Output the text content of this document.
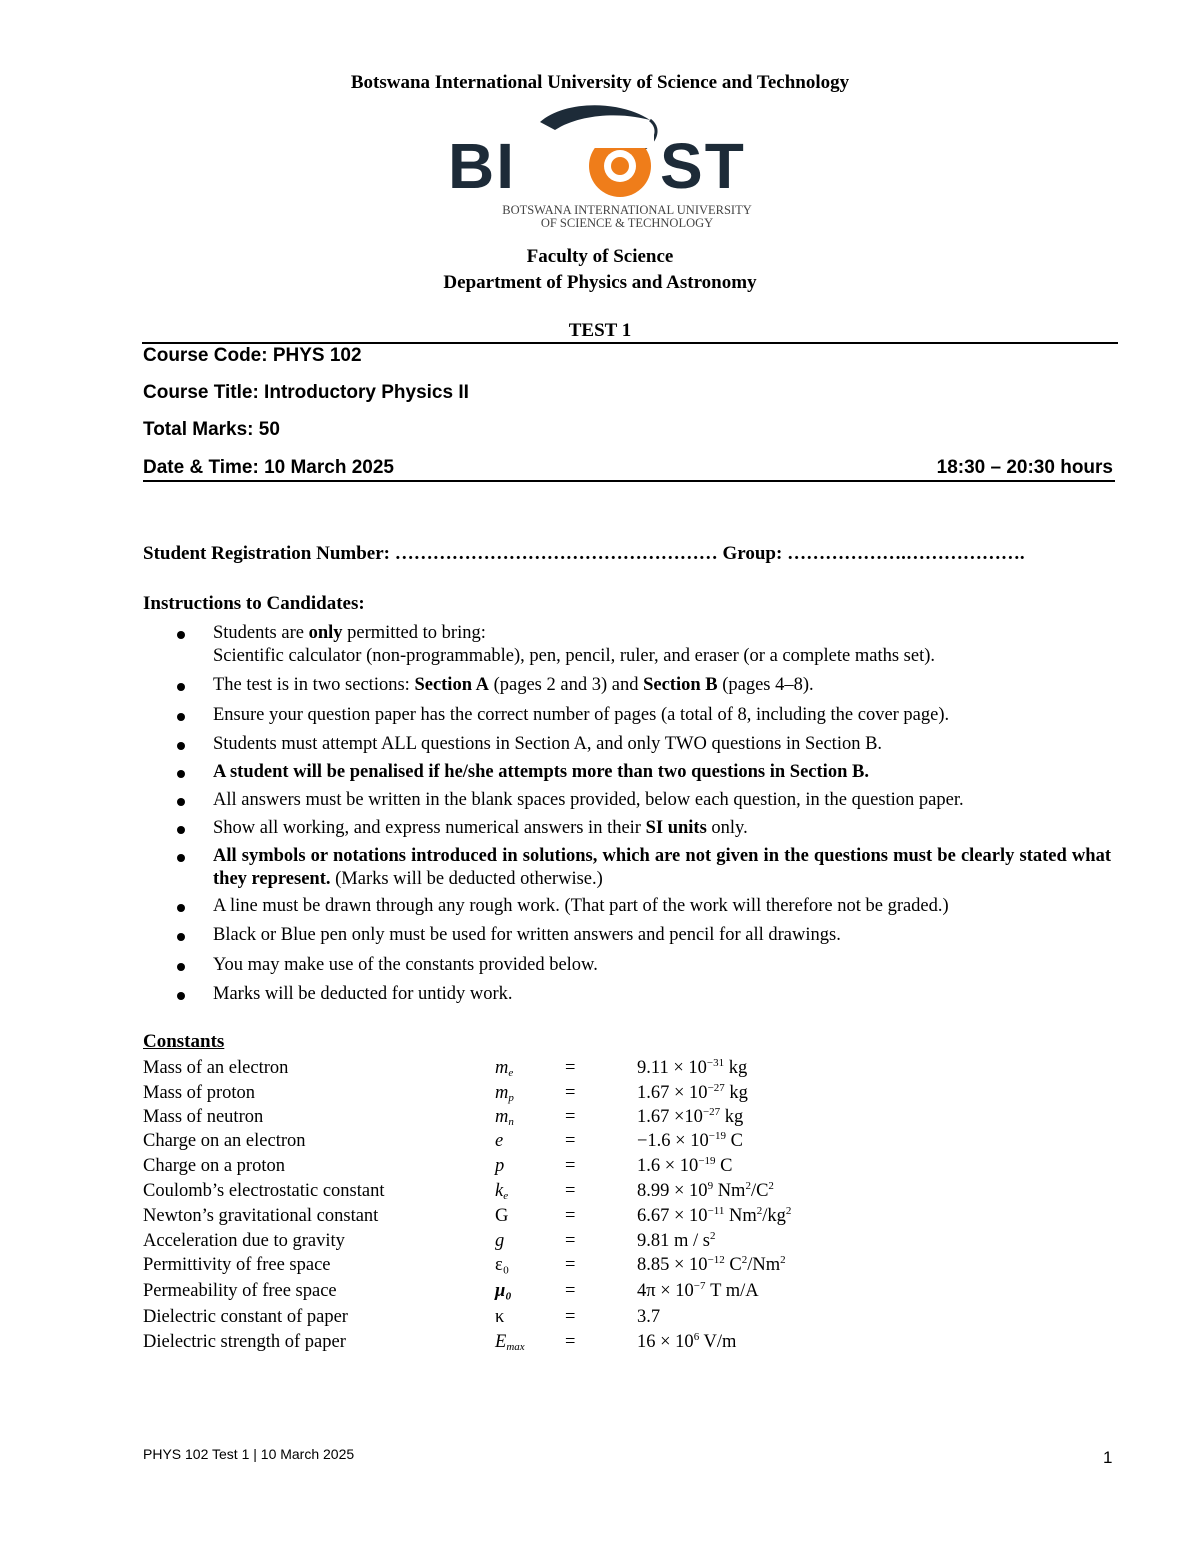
Botswana International University of Science and Technology
BI ST
BOTSWANA INTERNATIONAL UNIVERSITY
OF SCIENCE & TECHNOLOGY
Faculty of Science
Department of Physics and Astronomy
TEST 1
Course Code: PHYS 102
Course Title: Introductory Physics II
Total Marks: 50
Date & Time: 10 March 2025	18:30 – 20:30 hours
Student Registration Number: …………………………………………… Group: ……………….……………….
Instructions to Candidates:
Students are only permitted to bring:
Scientific calculator (non-programmable), pen, pencil, ruler, and eraser (or a complete maths set).
The test is in two sections: Section A (pages 2 and 3) and Section B (pages 4–8).
Ensure your question paper has the correct number of pages (a total of 8, including the cover page).
Students must attempt ALL questions in Section A, and only TWO questions in Section B.
A student will be penalised if he/she attempts more than two questions in Section B.
All answers must be written in the blank spaces provided, below each question, in the question paper.
Show all working, and express numerical answers in their SI units only.
All symbols or notations introduced in solutions, which are not given in the questions must be clearly stated what they represent. (Marks will be deducted otherwise.)
A line must be drawn through any rough work. (That part of the work will therefore not be graded.)
Black or Blue pen only must be used for written answers and pencil for all drawings.
You may make use of the constants provided below.
Marks will be deducted for untidy work.
Constants
Mass of an electron	$m_e$	=	$9.11 \times 10^{-31}$ kg
Mass of proton	$m_p$	=	$1.67 \times 10^{-27}$ kg
Mass of neutron	$m_n$	=	$1.67 \times 10^{-27}$ kg
Charge on an electron	e	=	$-1.6 \times 10^{-19}$ C
Charge on a proton	p	=	$1.6 \times 10^{-19}$ C
Coulomb’s electrostatic constant	$k_e$	=	$8.99 \times 10^9$ $Nm^2/C^2$
Newton’s gravitational constant	G	=	$6.67 \times 10^{-11}$ $Nm^2/kg^2$
Acceleration due to gravity	g	=	9.81 m / $s^2$
Permittivity of free space	ε₀	=	$8.85 \times 10^{-12}$ $C^2/Nm^2$
Permeability of free space	μ₀	=	$4\pi \times 10^{-7}$ T m/A
Dielectric constant of paper	κ	=	3.7
Dielectric strength of paper	$E_{max}$ =	$16 \times 10^6$ V/m
PHYS 102 Test 1 | 10 March 2025	1
